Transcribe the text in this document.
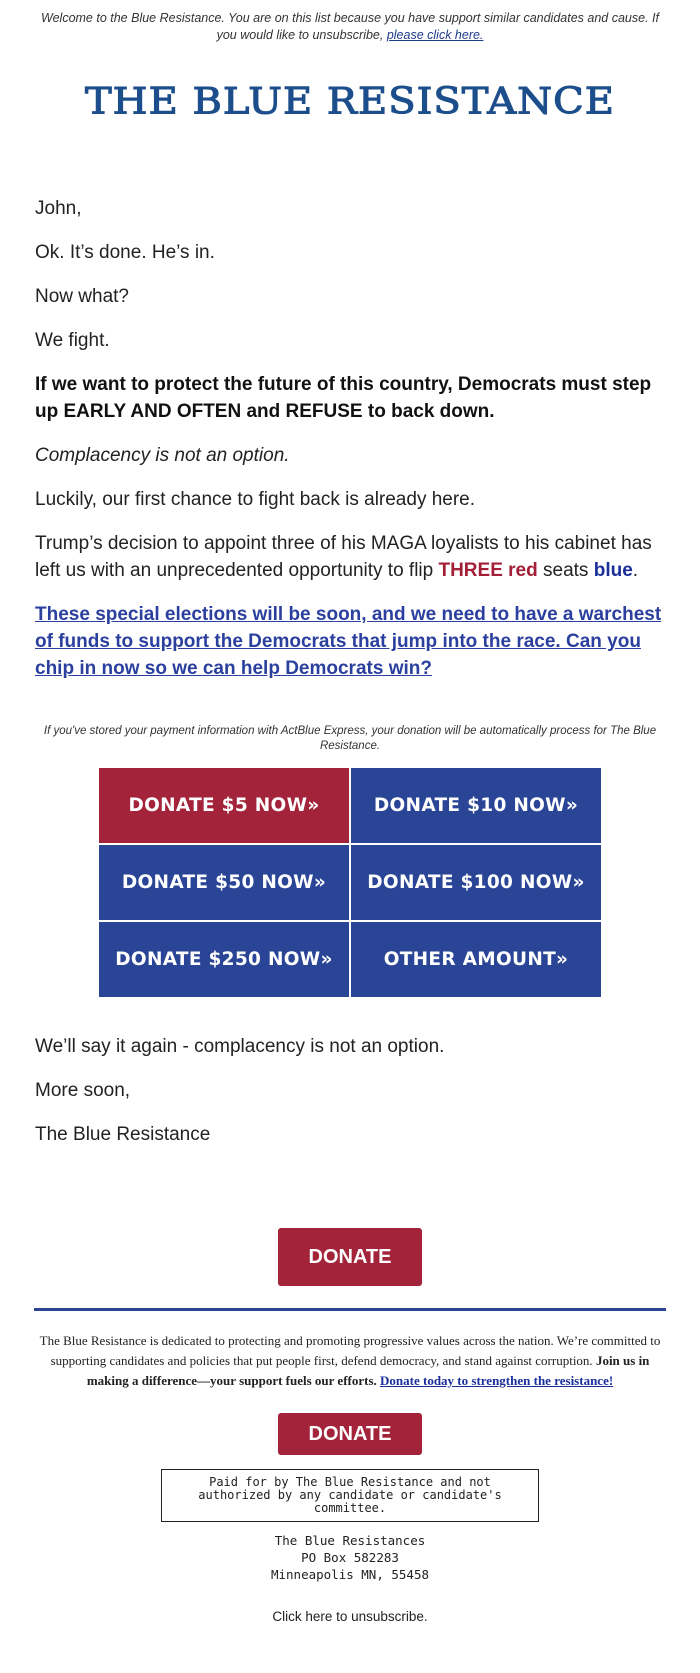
Welcome to the Blue Resistance. You are on this list because you have support similar candidates and cause. If you would like to unsubscribe, please click here.
THE BLUE RESISTANCE

John,

Ok. It’s done. He’s in.

Now what?

We fight.

If we want to protect the future of this country, Democrats must step up EARLY AND OFTEN and REFUSE to back down.

Complacency is not an option.

Luckily, our first chance to fight back is already here.

Trump’s decision to appoint three of his MAGA loyalists to his cabinet has left us with an unprecedented opportunity to flip THREE red seats blue.

These special elections will be soon, and we need to have a warchest of funds to support the Democrats that jump into the race. Can you chip in now so we can help Democrats win?

If you've stored your payment information with ActBlue Express, your donation will be automatically process for The Blue Resistance.
DONATE $5 NOW»	DONATE $10 NOW»
DONATE $50 NOW»	DONATE $100 NOW»
DONATE $250 NOW»	OTHER AMOUNT»

We’ll say it again - complacency is not an option.

More soon,

The Blue Resistance

DONATE
The Blue Resistance is dedicated to protecting and promoting progressive values across the nation. We’re committed to supporting candidates and policies that put people first, defend democracy, and stand against corruption. Join us in making a difference—your support fuels our efforts. Donate today to strengthen the resistance!
DONATE
Paid for by The Blue Resistance and not authorized by any candidate or candidate's committee.
The Blue Resistances
PO Box 582283
Minneapolis MN, 55458
Click here to unsubscribe.
